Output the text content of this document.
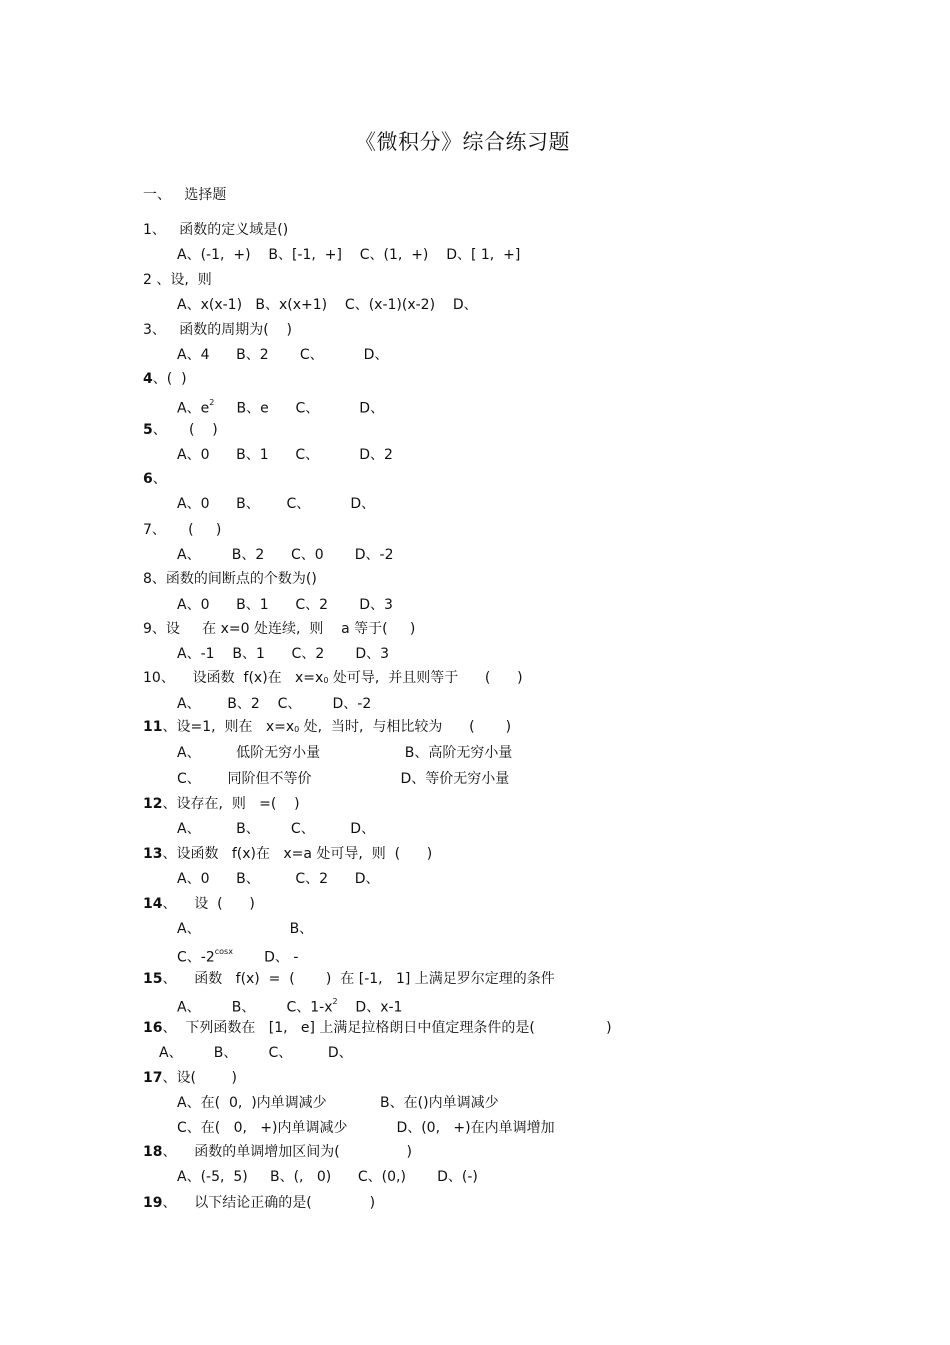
《微积分》综合练习题
一、   选择题
1、   函数的定义域是()
A、(-1,  +)    B、[-1,  +]    C、(1,  +)    D、[ 1,  +]
2 、设,  则
A、x(x-1)   B、x(x+1)    C、(x-1)(x-2)    D、
3、   函数的周期为(    )
A、4      B、2       C、         D、
4、(  )
A、$e^2$     B、e      C、         D、
5、     (    )
A、0      B、1      C、         D、2
6、
A、0      B、      C、         D、
7、     (     )
A、       B、2      C、0       D、-2
8、函数的间断点的个数为()
A、0      B、1      C、2       D、3
9、设     在 x=0 处连续,  则    a 等于(     )
A、-1    B、1      C、2       D、3
10、    设函数  f(x)在   $x=x_0$ 处可导,  并且则等于      (      )
A、      B、2    C、       D、-2
11、设=1,  则在   $x=x_0$ 处,  当时,  与相比较为      (       )
A、        低阶无穷小量                   B、高阶无穷小量
C、      同阶但不等价                    D、等价无穷小量
12、设存在,  则   =(    )
A、        B、       C、        D、
13、设函数   f(x)在   x=a 处可导,  则  (      )
A、0      B、        C、2      D、
14、    设  (      )
A、                    B、
C、$-2^{cosx}$       D、 -
15、    函数   f(x)  =  (       )  在 [-1,   1] 上满足罗尔定理的条件
A、       B、       C、$1-x^2$    D、x-1
16、  下列函数在   [1,   e] 上满足拉格朗日中值定理条件的是(                )
A、       B、       C、        D、
17、设(        )
A、在(  0,  )内单调减少            B、在()内单调减少
C、在(   0,   +)内单调减少           D、(0,   +)在内单调增加
18、    函数的单调增加区间为(               )
A、(-5,  5)     B、(,   0)      C、(0,)       D、(-)
19、    以下结论正确的是(             )
